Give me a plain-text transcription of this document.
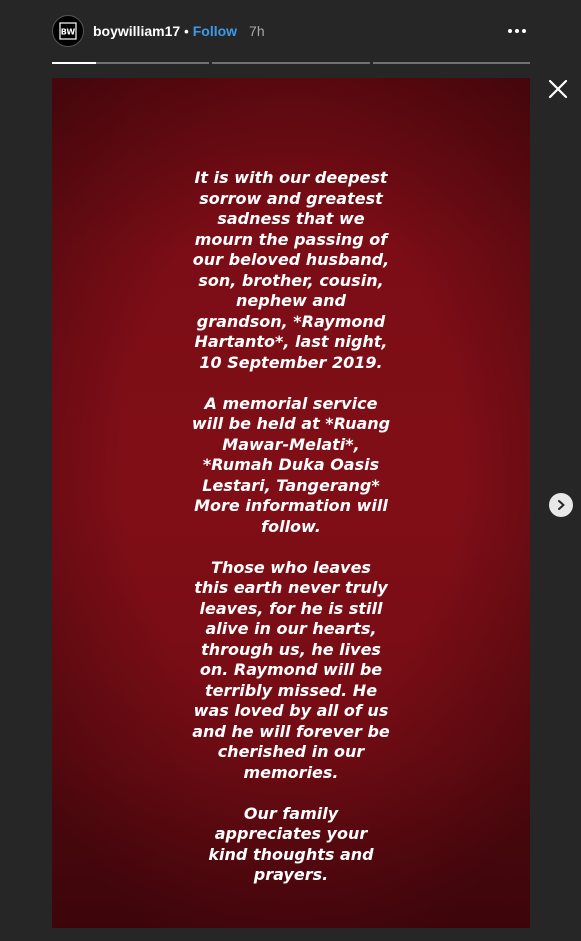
BW boywilliam17 • Follow 7h
It is with our deepest
sorrow and greatest
sadness that we
mourn the passing of
our beloved husband,
son, brother, cousin,
nephew and
grandson, *Raymond
Hartanto*, last night,
10 September 2019.
A memorial service
will be held at *Ruang
Mawar-Melati*,
*Rumah Duka Oasis
Lestari, Tangerang*
More information will
follow.
Those who leaves
this earth never truly
leaves, for he is still
alive in our hearts,
through us, he lives
on. Raymond will be
terribly missed. He
was loved by all of us
and he will forever be
cherished in our
memories.
Our family
appreciates your
kind thoughts and
prayers.
